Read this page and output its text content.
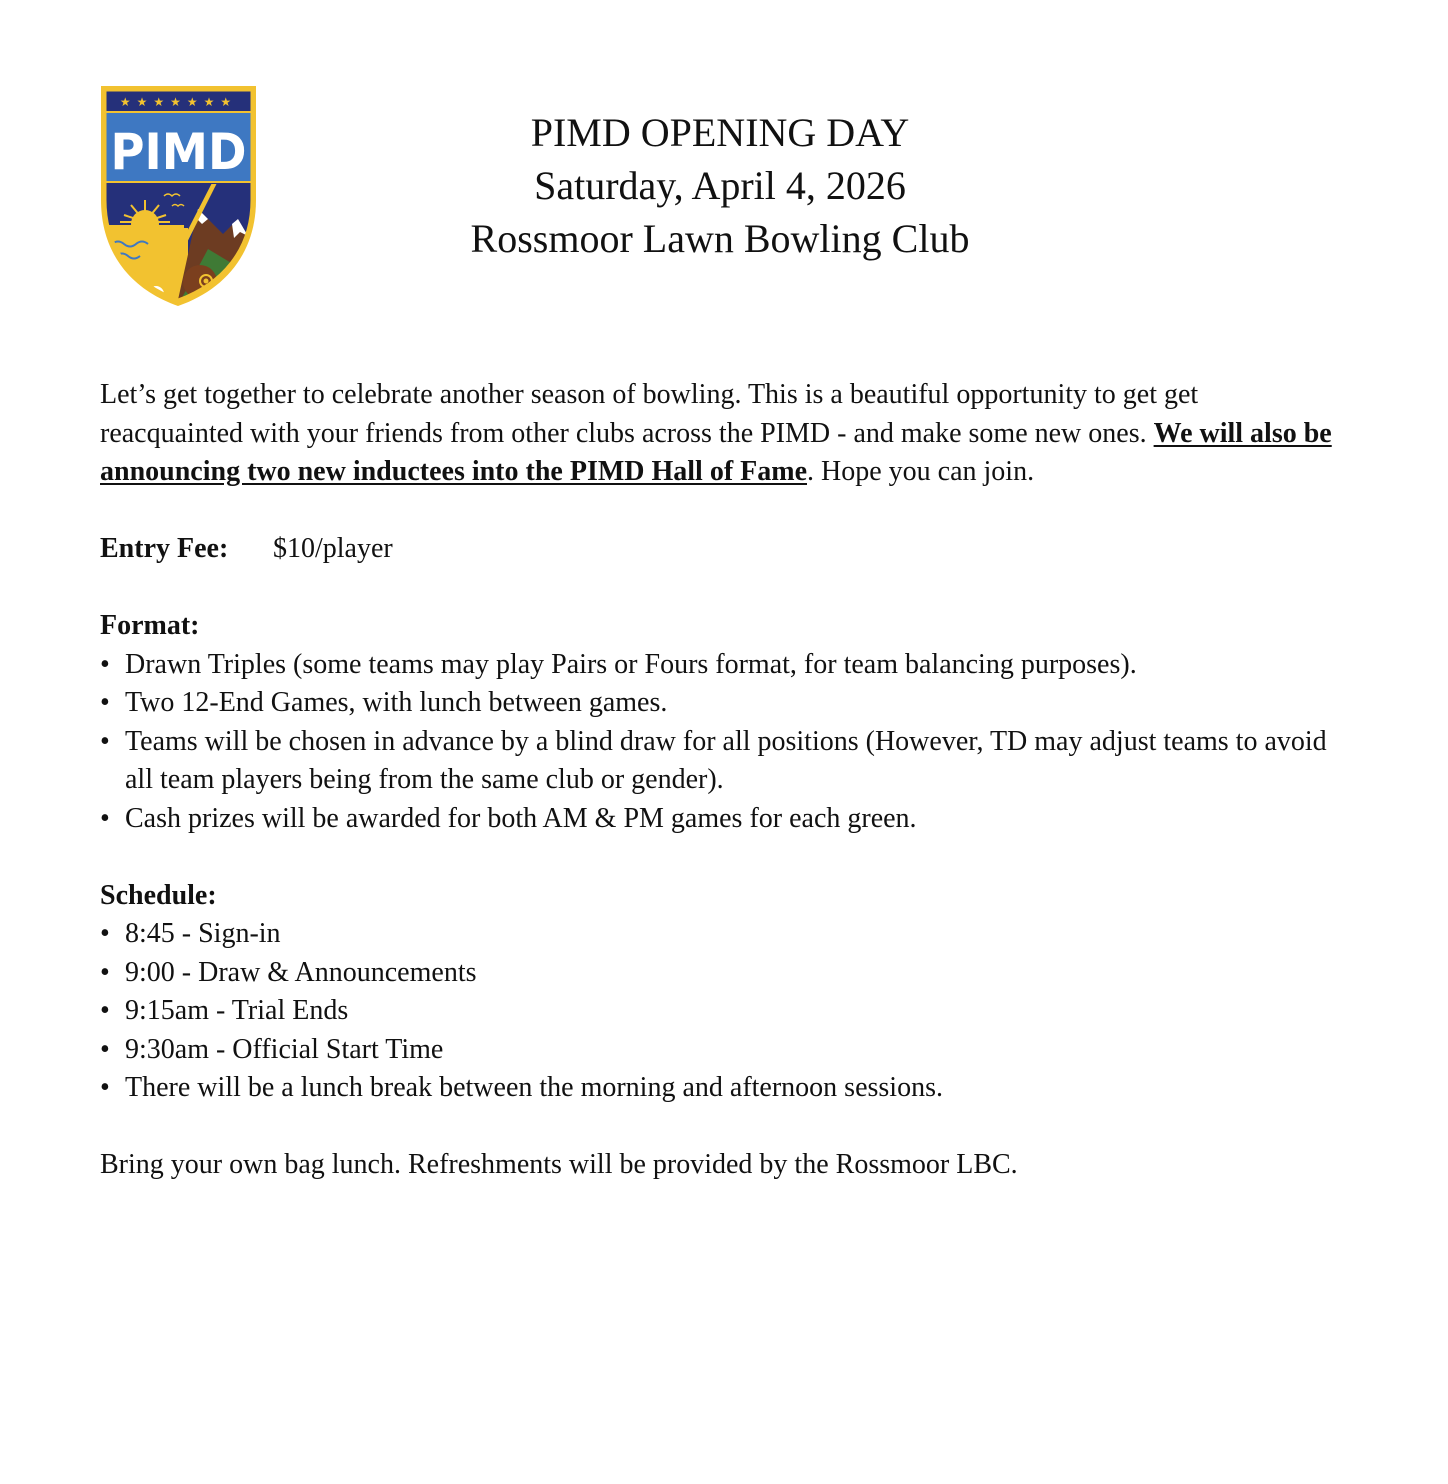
★★★★★★★
PIMD	PIMD OPENING DAY
Saturday, April 4, 2026
Rossmoor Lawn Bowling Club

Let’s get together to celebrate another season of bowling. This is a beautiful opportunity to get get reacquainted with your friends from other clubs across the PIMD - and make some new ones. We will also be announcing two new inductees into the PIMD Hall of Fame. Hope you can join.

Entry Fee: $10/player

Format:

• Drawn Triples (some teams may play Pairs or Fours format, for team balancing purposes).
• Two 12-End Games, with lunch between games.
• Teams will be chosen in advance by a blind draw for all positions (However, TD may adjust teams to avoid all team players being from the same club or gender).
• Cash prizes will be awarded for both AM & PM games for each green.

Schedule:

• 8:45 - Sign-in
• 9:00 - Draw & Announcements
• 9:15am - Trial Ends
• 9:30am - Official Start Time
• There will be a lunch break between the morning and afternoon sessions.

Bring your own bag lunch. Refreshments will be provided by the Rossmoor LBC.
